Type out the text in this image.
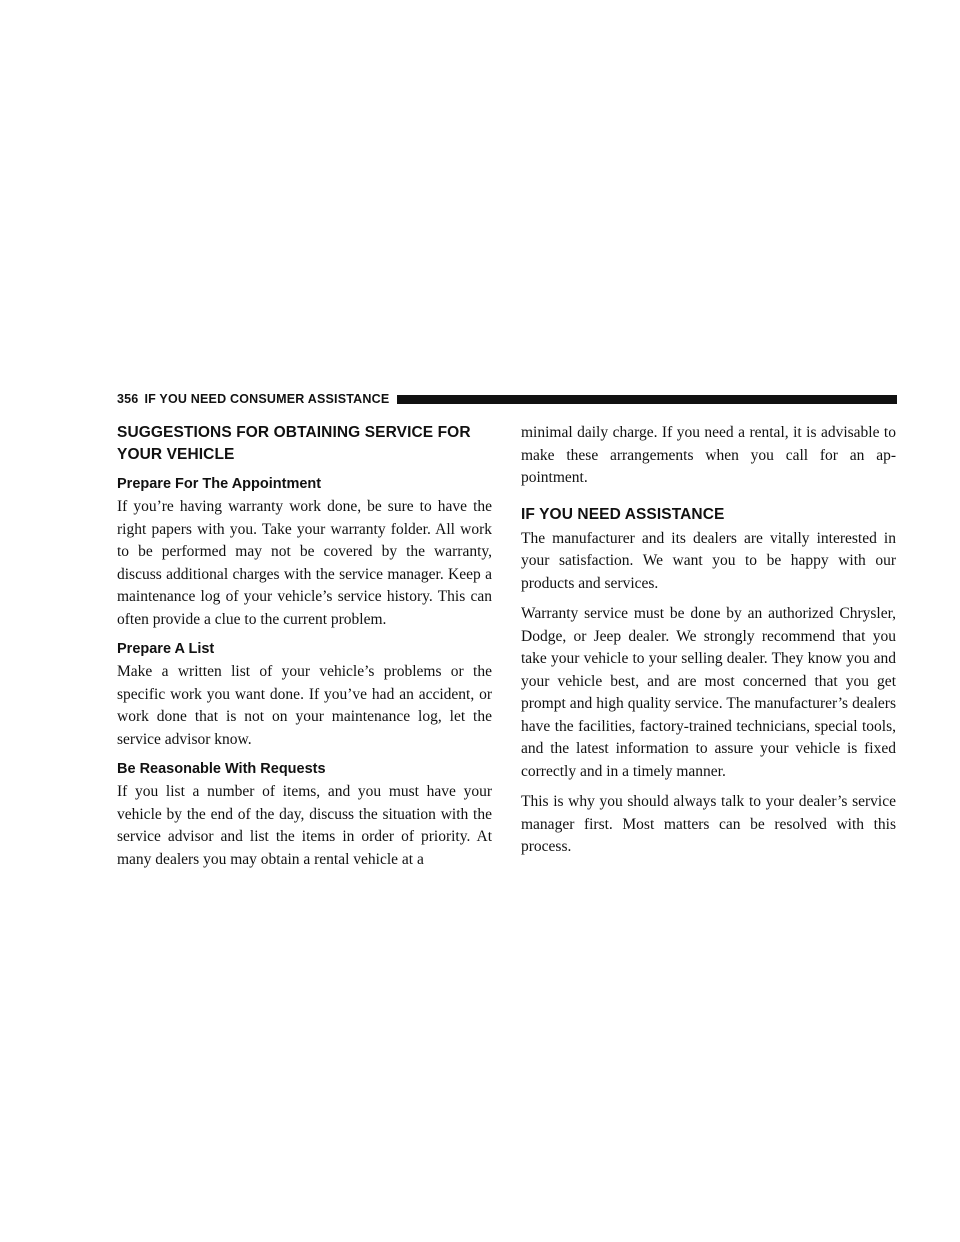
356 IF YOU NEED CONSUMER ASSISTANCE
SUGGESTIONS FOR OBTAINING SERVICE FOR YOUR VEHICLE
Prepare For The Appointment

If you’re having warranty work done, be sure to have the right papers with you. Take your warranty folder. All work to be performed may not be covered by the warranty, discuss additional charges with the service manager. Keep a maintenance log of your vehicle’s service history. This can often provide a clue to the current problem.

Prepare A List

Make a written list of your vehicle’s problems or the specific work you want done. If you’ve had an accident, or work done that is not on your maintenance log, let the service advisor know.

Be Reasonable With Requests

If you list a number of items, and you must have your vehicle by the end of the day, discuss the situation with the service advisor and list the items in order of priority. At many dealers you may obtain a rental vehicle at a

minimal daily charge. If you need a rental, it is advisable to make these arrangements when you call for an ap-pointment.

IF YOU NEED ASSISTANCE

The manufacturer and its dealers are vitally interested in your satisfaction. We want you to be happy with our products and services.

Warranty service must be done by an authorized Chrysler, Dodge, or Jeep dealer. We strongly recommend that you take your vehicle to your selling dealer. They know you and your vehicle best, and are most concerned that you get prompt and high quality service. The manufacturer’s dealers have the facilities, factory-trained technicians, special tools, and the latest information to assure your vehicle is fixed correctly and in a timely manner.

This is why you should always talk to your dealer’s service manager first. Most matters can be resolved with this process.
